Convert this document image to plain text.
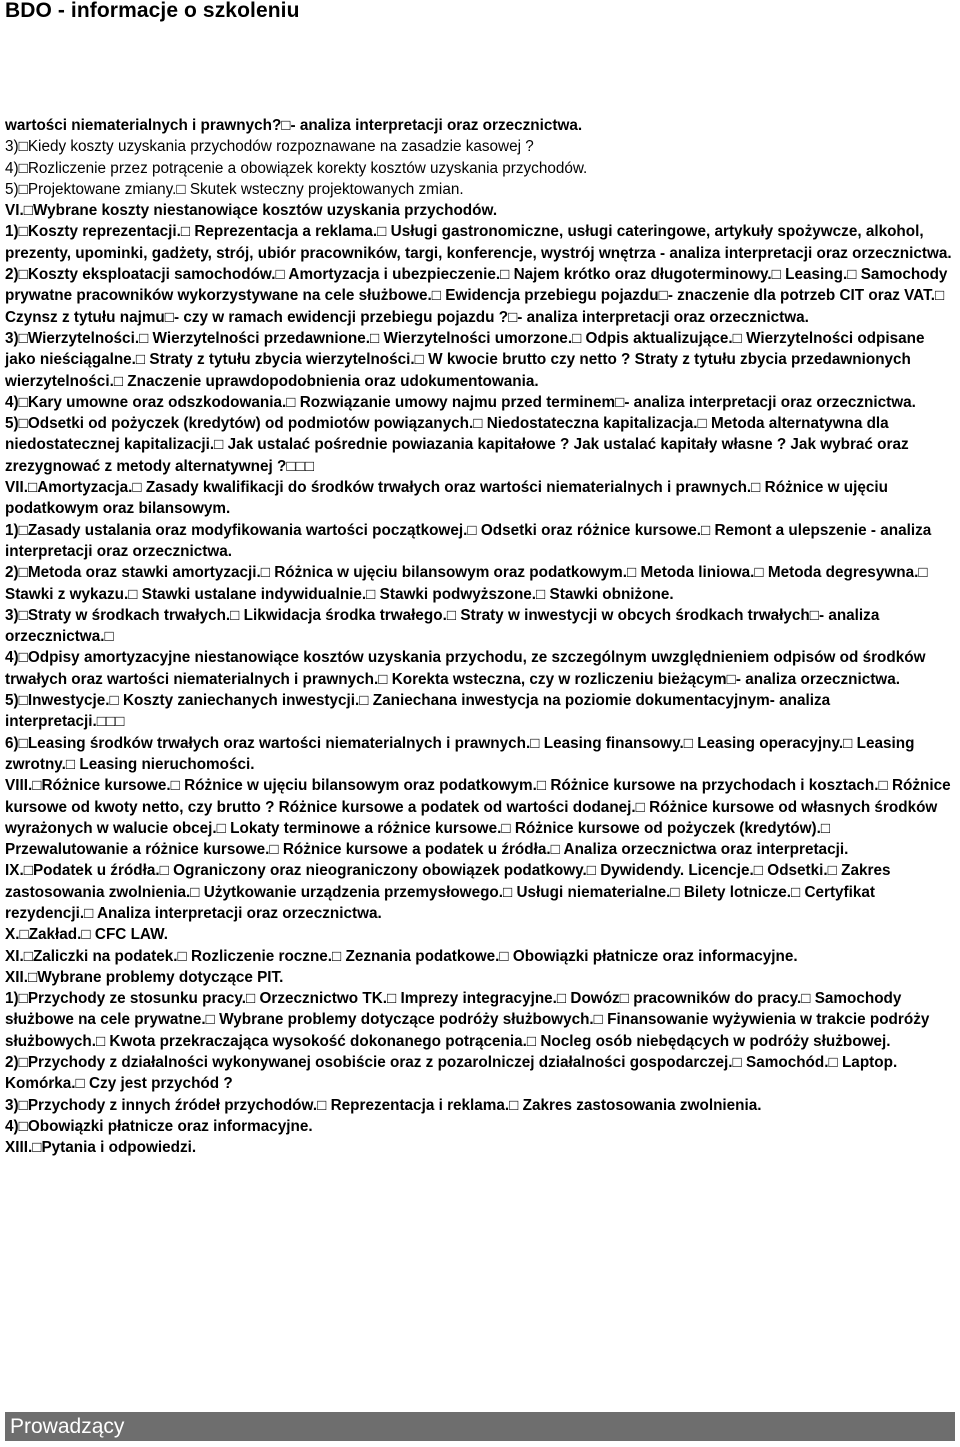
BDO - informacje o szkoleniu

wartości niematerialnych i prawnych?□- analiza interpretacji oraz orzecznictwa.

3)□Kiedy koszty uzyskania przychodów rozpoznawane na zasadzie kasowej ?

4)□Rozliczenie przez potrącenie a obowiązek korekty kosztów uzyskania przychodów.

5)□Projektowane zmiany.□ Skutek wsteczny projektowanych zmian.

VI.□Wybrane koszty niestanowiące kosztów uzyskania przychodów.

1)□Koszty reprezentacji.□ Reprezentacja a reklama.□ Usługi gastronomiczne, usługi cateringowe, artykuły spożywcze, alkohol, prezenty, upominki, gadżety, strój, ubiór pracowników, targi, konferencje, wystrój wnętrza - analiza interpretacji oraz orzecznictwa.

2)□Koszty eksploatacji samochodów.□ Amortyzacja i ubezpieczenie.□ Najem krótko oraz długoterminowy.□ Leasing.□ Samochody prywatne pracowników wykorzystywane na cele służbowe.□ Ewidencja przebiegu pojazdu□- znaczenie dla potrzeb CIT oraz VAT.□ Czynsz z tytułu najmu□- czy w ramach ewidencji przebiegu pojazdu ?□- analiza interpretacji oraz orzecznictwa.

3)□Wierzytelności.□ Wierzytelności przedawnione.□ Wierzytelności umorzone.□ Odpis aktualizujące.□ Wierzytelności odpisane jako nieściągalne.□ Straty z tytułu zbycia wierzytelności.□ W kwocie brutto czy netto ? Straty z tytułu zbycia przedawnionych wierzytelności.□ Znaczenie uprawdopodobnienia oraz udokumentowania.

4)□Kary umowne oraz odszkodowania.□ Rozwiązanie umowy najmu przed terminem□- analiza interpretacji oraz orzecznictwa.

5)□Odsetki od pożyczek (kredytów) od podmiotów powiązanych.□ Niedostateczna kapitalizacja.□ Metoda alternatywna dla niedostatecznej kapitalizacji.□ Jak ustalać pośrednie powiazania kapitałowe ? Jak ustalać kapitały własne ? Jak wybrać oraz zrezygnować z metody alternatywnej ?□□□

VII.□Amortyzacja.□ Zasady kwalifikacji do środków trwałych oraz wartości niematerialnych i prawnych.□ Różnice w ujęciu podatkowym oraz bilansowym.

1)□Zasady ustalania oraz modyfikowania wartości początkowej.□ Odsetki oraz różnice kursowe.□ Remont a ulepszenie - analiza interpretacji oraz orzecznictwa.

2)□Metoda oraz stawki amortyzacji.□ Różnica w ujęciu bilansowym oraz podatkowym.□ Metoda liniowa.□ Metoda degresywna.□ Stawki z wykazu.□ Stawki ustalane indywidualnie.□ Stawki podwyższone.□ Stawki obniżone.

3)□Straty w środkach trwałych.□ Likwidacja środka trwałego.□ Straty w inwestycji w obcych środkach trwałych□- analiza orzecznictwa.□

4)□Odpisy amortyzacyjne niestanowiące kosztów uzyskania przychodu, ze szczególnym uwzględnieniem odpisów od środków trwałych oraz wartości niematerialnych i prawnych.□ Korekta wsteczna, czy w rozliczeniu bieżącym□- analiza orzecznictwa.

5)□Inwestycje.□ Koszty zaniechanych inwestycji.□ Zaniechana inwestycja na poziomie dokumentacyjnym- analiza interpretacji.□□□

6)□Leasing środków trwałych oraz wartości niematerialnych i prawnych.□ Leasing finansowy.□ Leasing operacyjny.□ Leasing zwrotny.□ Leasing nieruchomości.

VIII.□Różnice kursowe.□ Różnice w ujęciu bilansowym oraz podatkowym.□ Różnice kursowe na przychodach i kosztach.□ Różnice kursowe od kwoty netto, czy brutto ? Różnice kursowe a podatek od wartości dodanej.□ Różnice kursowe od własnych środków wyrażonych w walucie obcej.□ Lokaty terminowe a różnice kursowe.□ Różnice kursowe od pożyczek (kredytów).□ Przewalutowanie a różnice kursowe.□ Różnice kursowe a podatek u źródła.□ Analiza orzecznictwa oraz interpretacji.

IX.□Podatek u źródła.□ Ograniczony oraz nieograniczony obowiązek podatkowy.□ Dywidendy. Licencje.□ Odsetki.□ Zakres zastosowania zwolnienia.□ Użytkowanie urządzenia przemysłowego.□ Usługi niematerialne.□ Bilety lotnicze.□ Certyfikat rezydencji.□ Analiza interpretacji oraz orzecznictwa.

X.□Zakład.□ CFC LAW.

XI.□Zaliczki na podatek.□ Rozliczenie roczne.□ Zeznania podatkowe.□ Obowiązki płatnicze oraz informacyjne.

XII.□Wybrane problemy dotyczące PIT.

1)□Przychody ze stosunku pracy.□ Orzecznictwo TK.□ Imprezy integracyjne.□ Dowóz□ pracowników do pracy.□ Samochody służbowe na cele prywatne.□ Wybrane problemy dotyczące podróży służbowych.□ Finansowanie wyżywienia w trakcie podróży służbowych.□ Kwota przekraczająca wysokość dokonanego potrącenia.□ Nocleg osób niebędących w podróży służbowej.

2)□Przychody z działalności wykonywanej osobiście oraz z pozarolniczej działalności gospodarczej.□ Samochód.□ Laptop. Komórka.□ Czy jest przychód ?

3)□Przychody z innych źródeł przychodów.□ Reprezentacja i reklama.□ Zakres zastosowania zwolnienia.

4)□Obowiązki płatnicze oraz informacyjne.

XIII.□Pytania i odpowiedzi.

Prowadzący
